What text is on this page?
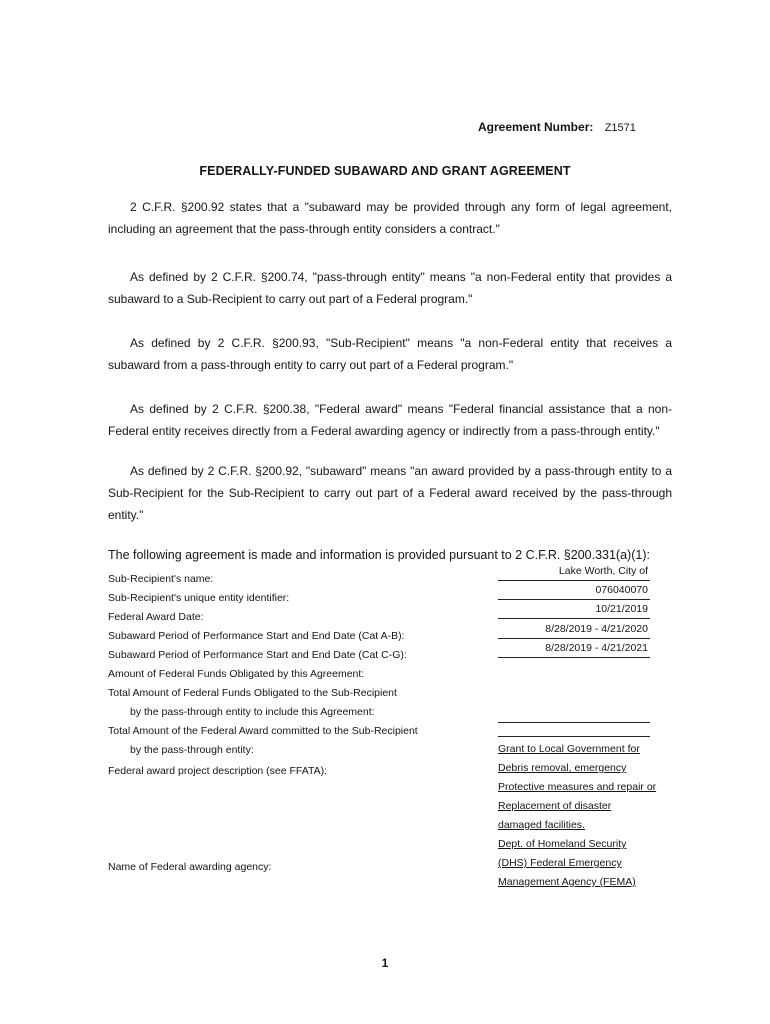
Agreement Number: Z1571
FEDERALLY-FUNDED SUBAWARD AND GRANT AGREEMENT

2 C.F.R. §200.92 states that a "subaward may be provided through any form of legal agreement, including an agreement that the pass-through entity considers a contract."

As defined by 2 C.F.R. §200.74, "pass-through entity" means "a non-Federal entity that provides a subaward to a Sub-Recipient to carry out part of a Federal program."

As defined by 2 C.F.R. §200.93, "Sub-Recipient" means "a non-Federal entity that receives a subaward from a pass-through entity to carry out part of a Federal program."

As defined by 2 C.F.R. §200.38, "Federal award" means "Federal financial assistance that a non-Federal entity receives directly from a Federal awarding agency or indirectly from a pass-through entity."

As defined by 2 C.F.R. §200.92, "subaward" means "an award provided by a pass-through entity to a Sub-Recipient for the Sub-Recipient to carry out part of a Federal award received by the pass-through entity."

The following agreement is made and information is provided pursuant to 2 C.F.R. §200.331(a)(1):
Sub-Recipient's name:
Sub-Recipient's unique entity identifier:
Federal Award Date:
Subaward Period of Performance Start and End Date (Cat A-B):
Subaward Period of Performance Start and End Date (Cat C-G):
Amount of Federal Funds Obligated by this Agreement:
Total Amount of Federal Funds Obligated to the Sub-Recipient
by the pass-through entity to include this Agreement:
Total Amount of the Federal Award committed to the Sub-Recipient
by the pass-through entity:
Federal award project description (see FFATA):
Name of Federal awarding agency:
Lake Worth, City of
076040070
10/21/2019
8/28/2019 - 4/21/2020
8/28/2019 - 4/21/2021
Grant to Local Government for
Debris removal, emergency
Protective measures and repair or
Replacement of disaster
damaged facilities.
Dept. of Homeland Security
(DHS) Federal Emergency
Management Agency (FEMA)
1
